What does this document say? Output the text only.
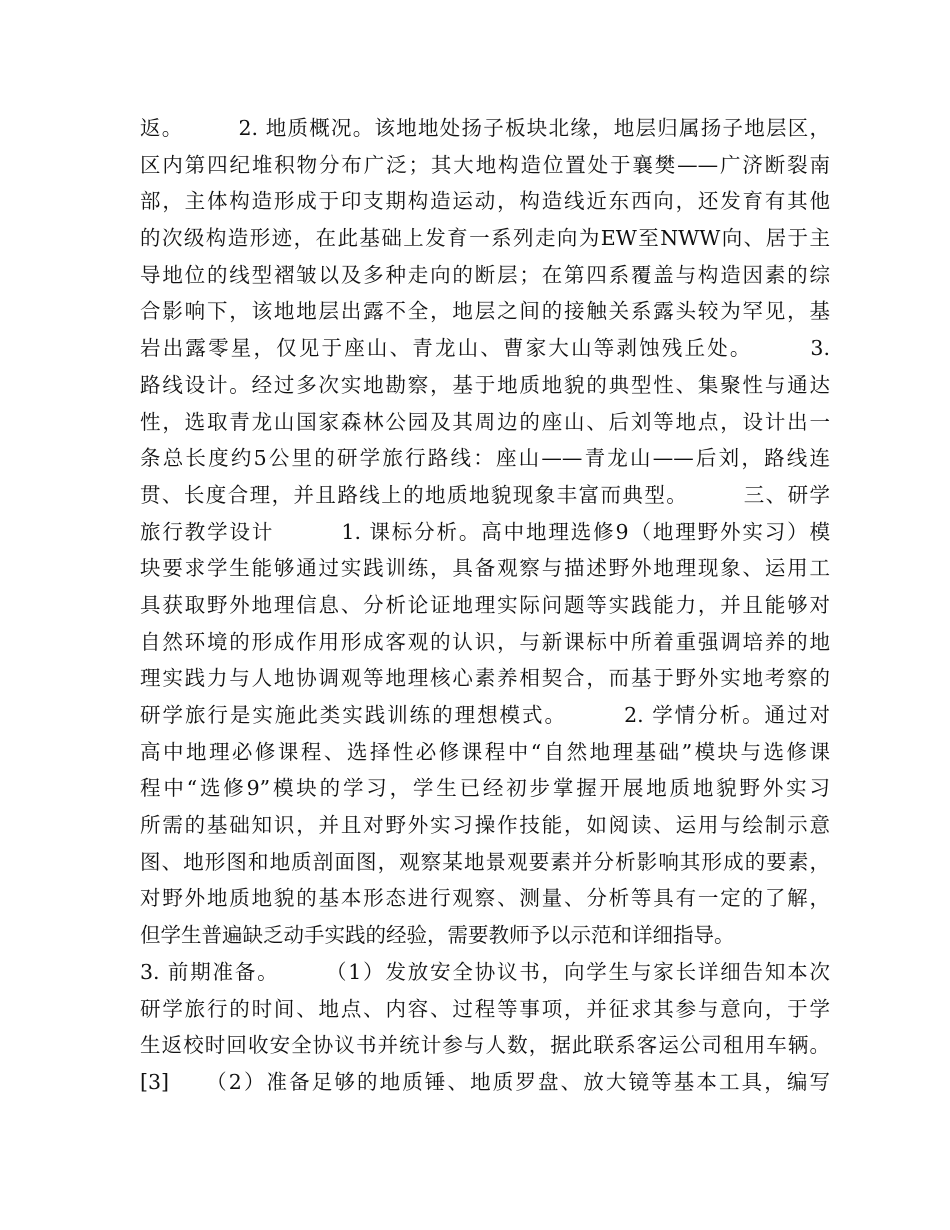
返。　　　2. 地质概况。该地地处扬子板块北缘，地层归属扬子地层区，
区内第四纪堆积物分布广泛；其大地构造位置处于襄樊——广济断裂南
部，主体构造形成于印支期构造运动，构造线近东西向，还发育有其他
的次级构造形迹，在此基础上发育一系列走向为EW至NWW向、居于主
导地位的线型褶皱以及多种走向的断层；在第四系覆盖与构造因素的综
合影响下，该地地层出露不全，地层之间的接触关系露头较为罕见，基
岩出露零星，仅见于座山、青龙山、曹家大山等剥蚀残丘处。　　　3.
路线设计。经过多次实地勘察，基于地质地貌的典型性、集聚性与通达
性，选取青龙山国家森林公园及其周边的座山、后刘等地点，设计出一
条总长度约5公里的研学旅行路线：座山——青龙山——后刘，路线连
贯、长度合理，并且路线上的地质地貌现象丰富而典型。　　　三、研学
旅行教学设计　　　1. 课标分析。高中地理选修9（地理野外实习）模
块要求学生能够通过实践训练，具备观察与描述野外地理现象、运用工
具获取野外地理信息、分析论证地理实际问题等实践能力，并且能够对
自然环境的形成作用形成客观的认识，与新课标中所着重强调培养的地
理实践力与人地协调观等地理核心素养相契合，而基于野外实地考察的
研学旅行是实施此类实践训练的理想模式。　　　2. 学情分析。通过对
高中地理必修课程、选择性必修课程中“自然地理基础”模块与选修课
程中“选修9”模块的学习，学生已经初步掌握开展地质地貌野外实习
所需的基础知识，并且对野外实习操作技能，如阅读、运用与绘制示意
图、地形图和地质剖面图，观察某地景观要素并分析影响其形成的要素，
对野外地质地貌的基本形态进行观察、测量、分析等具有一定的了解，
但学生普遍缺乏动手实践的经验，需要教师予以示范和详细指导。
3. 前期准备。　　　（1）发放安全协议书，向学生与家长详细告知本次
研学旅行的时间、地点、内容、过程等事项，并征求其参与意向，于学
生返校时回收安全协议书并统计参与人数，据此联系客运公司租用车辆。
[3]　　（2）准备足够的地质锤、地质罗盘、放大镜等基本工具，编写
